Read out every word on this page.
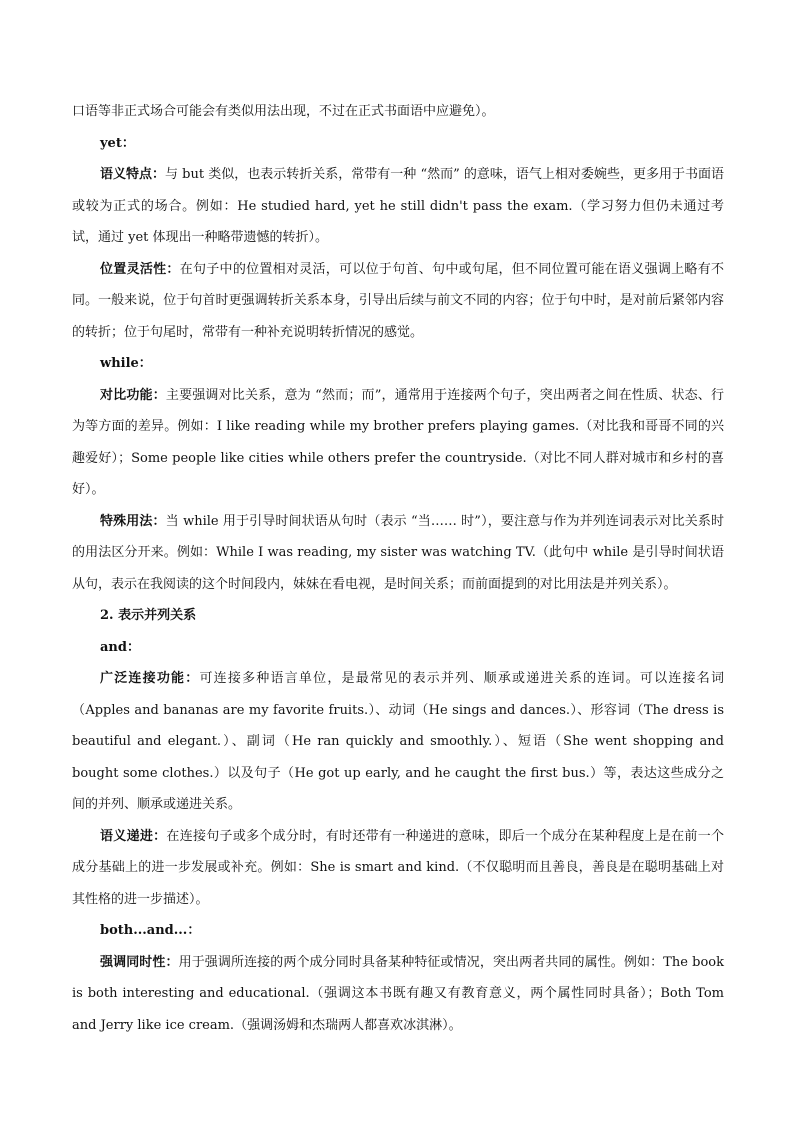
口语等非正式场合可能会有类似用法出现，不过在正式书面语中应避免）。

yet：

语义特点：与 but 类似，也表示转折关系，常带有一种 “然而” 的意味，语气上相对委婉些，更多用于书面语或较为正式的场合。例如：He studied hard, yet he still didn't pass the exam.（学习努力但仍未通过考试，通过 yet 体现出一种略带遗憾的转折）。

位置灵活性：在句子中的位置相对灵活，可以位于句首、句中或句尾，但不同位置可能在语义强调上略有不同。一般来说，位于句首时更强调转折关系本身，引导出后续与前文不同的内容；位于句中时，是对前后紧邻内容的转折；位于句尾时，常带有一种补充说明转折情况的感觉。

while：

对比功能：主要强调对比关系，意为 “然而；而”，通常用于连接两个句子，突出两者之间在性质、状态、行为等方面的差异。例如：I like reading while my brother prefers playing games.（对比我和哥哥不同的兴趣爱好）；Some people like cities while others prefer the countryside.（对比不同人群对城市和乡村的喜好）。

特殊用法：当 while 用于引导时间状语从句时（表示 “当…… 时”），要注意与作为并列连词表示对比关系时的用法区分开来。例如：While I was reading, my sister was watching TV.（此句中 while 是引导时间状语从句，表示在我阅读的这个时间段内，妹妹在看电视，是时间关系；而前面提到的对比用法是并列关系）。

2. 表示并列关系

and：

广泛连接功能：可连接多种语言单位，是最常见的表示并列、顺承或递进关系的连词。可以连接名词（Apples and bananas are my favorite fruits.）、动词（He sings and dances.）、形容词（The dress is beautiful and elegant.）、副词（He ran quickly and smoothly.）、短语（She went shopping and bought some clothes.）以及句子（He got up early, and he caught the first bus.）等，表达这些成分之间的并列、顺承或递进关系。

语义递进：在连接句子或多个成分时，有时还带有一种递进的意味，即后一个成分在某种程度上是在前一个成分基础上的进一步发展或补充。例如：She is smart and kind.（不仅聪明而且善良，善良是在聪明基础上对其性格的进一步描述）。

both...and...：

强调同时性：用于强调所连接的两个成分同时具备某种特征或情况，突出两者共同的属性。例如：The book is both interesting and educational.（强调这本书既有趣又有教育意义，两个属性同时具备）；Both Tom and Jerry like ice cream.（强调汤姆和杰瑞两人都喜欢冰淇淋）。
